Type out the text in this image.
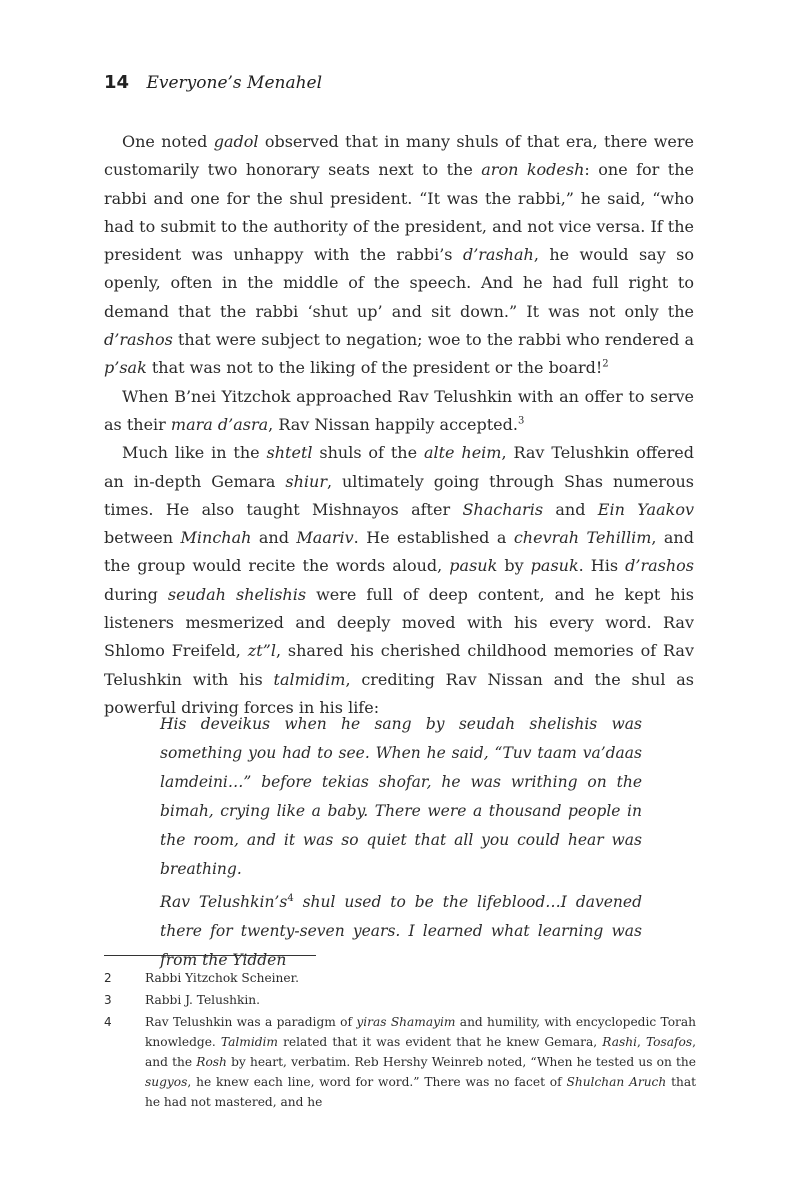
14 Everyone’s Menahel

One noted gadol observed that in many shuls of that era, there were customarily two honorary seats next to the aron kodesh: one for the rabbi and one for the shul president. “It was the rabbi,” he said, “who had to submit to the authority of the president, and not vice versa. If the president was unhappy with the rabbi’s d’rashah, he would say so openly, often in the middle of the speech. And he had full right to demand that the rabbi ‘shut up’ and sit down.” It was not only the d’rashos that were subject to negation; woe to the rabbi who rendered a p’sak that was not to the liking of the president or the board!$^2$

When B’nei Yitzchok approached Rav Telushkin with an offer to serve as their mara d’asra, Rav Nissan happily accepted.$^3$

Much like in the shtetl shuls of the alte heim, Rav Telushkin offered an in-depth Gemara shiur, ultimately going through Shas numerous times. He also taught Mishnayos after Shacharis and Ein Yaakov between Minchah and Maariv. He established a chevrah Tehillim, and the group would recite the words aloud, pasuk by pasuk. His d’rashos during seudah shelishis were full of deep content, and he kept his listeners mesmerized and deeply moved with his every word. Rav Shlomo Freifeld, zt”l, shared his cherished childhood memories of Rav Telushkin with his talmidim, crediting Rav Nissan and the shul as powerful driving forces in his life:

His deveikus when he sang by seudah shelishis was something you had to see. When he said, “Tuv taam va’daas lamdeini…” before tekias shofar, he was writhing on the bimah, crying like a baby. There were a thousand people in the room, and it was so quiet that all you could hear was breathing.

Rav $Telushkin’s^4$ shul used to be the lifeblood…I davened there for twenty-seven years. I learned what learning was from the Yidden

2	Rabbi Yitzchok Scheiner.
3	Rabbi J. Telushkin.
4	Rav Telushkin was a paradigm of yiras Shamayim and humility, with encyclopedic Torah knowledge. Talmidim related that it was evident that he knew Gemara, Rashi, Tosafos, and the Rosh by heart, verbatim. Reb Hershy Weinreb noted, “When he tested us on the sugyos, he knew each line, word for word.” There was no facet of Shulchan Aruch that he had not mastered, and he
